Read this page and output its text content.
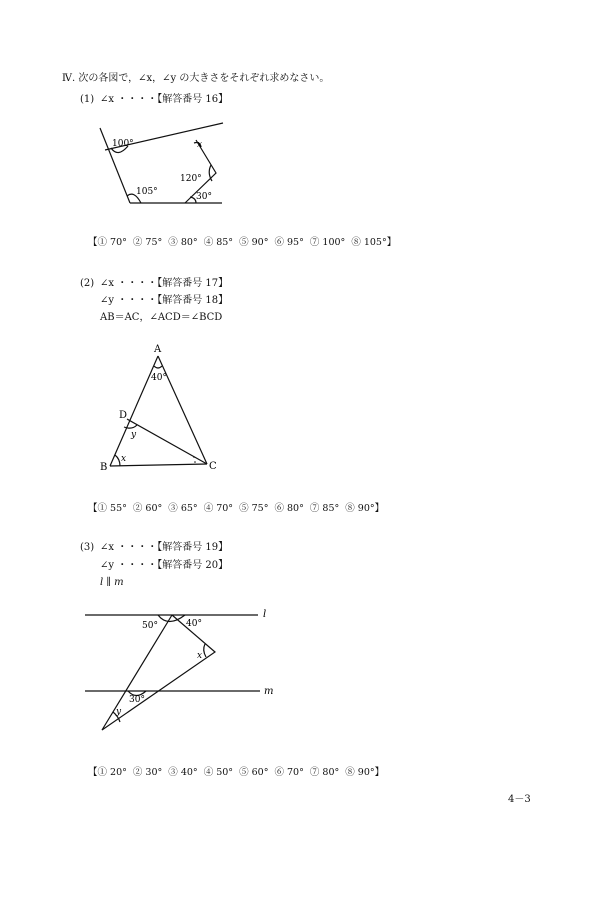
Ⅳ. 次の各図で，∠x，∠y の大きさをそれぞれ求めなさい。
(1) ∠x ・・・・【解答番号 16】
100°	x
120°
105°	30°
【① 70°  ② 75°  ③ 80°  ④ 85°  ⑤ 90°  ⑥ 95°  ⑦ 100°  ⑧ 105°】
(2) ∠x ・・・・【解答番号 17】
∠y ・・・・【解答番号 18】
AB＝AC，∠ACD＝∠BCD
A
40°
D
y
B
x
C
【① 55°  ② 60°  ③ 65°  ④ 70°  ⑤ 75°  ⑥ 80°  ⑦ 85°  ⑧ 90°】
(3) ∠x ・・・・【解答番号 19】
∠y ・・・・【解答番号 20】
l ∥ m
50°	40°
l
x
m
30°
y
【① 20°  ② 30°  ③ 40°  ④ 50°  ⑤ 60°  ⑥ 70°  ⑦ 80°  ⑧ 90°】
4－3
